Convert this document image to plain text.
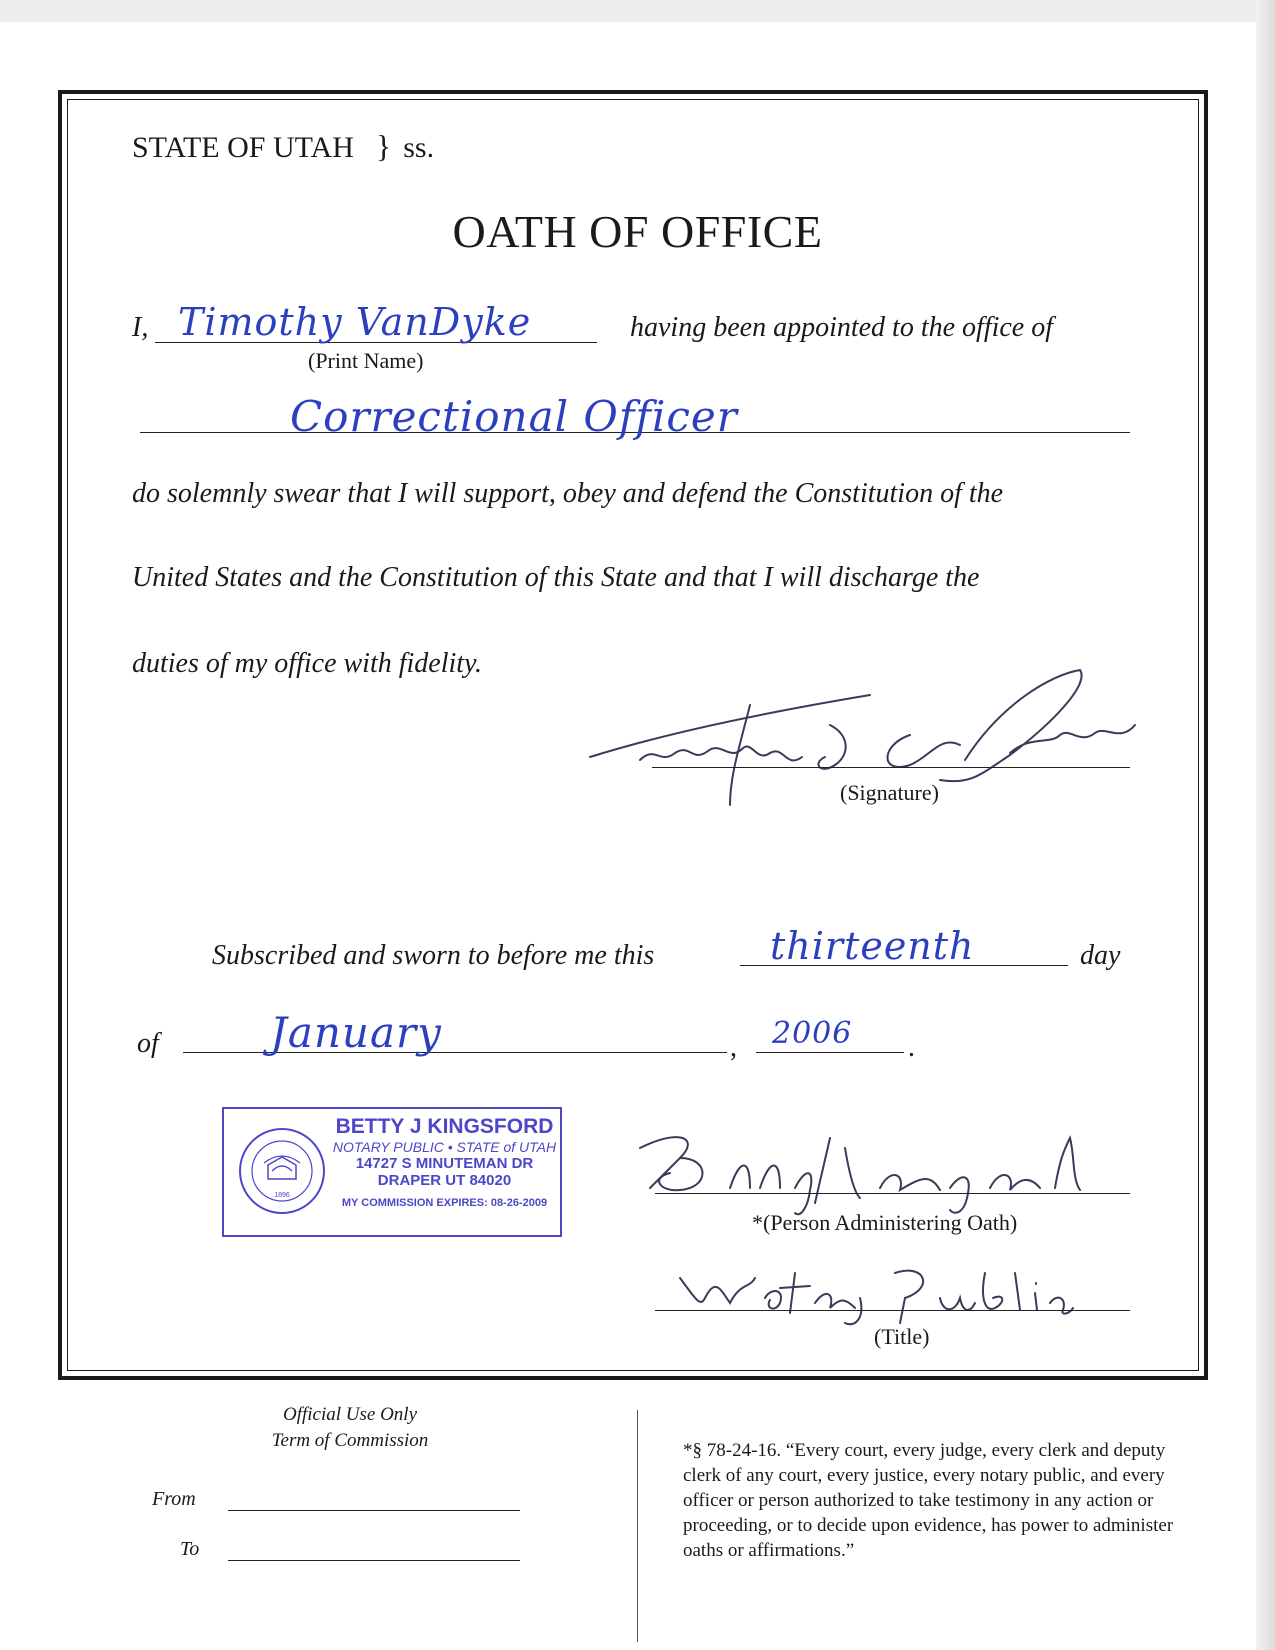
STATE OF UTAH } ss.
OATH OF OFFICE
I, Timothy VanDyke
(Print Name)
having been appointed to the office of
Correctional Officer
do solemnly swear that I will support, obey and defend the Constitution of the
United States and the Constitution of this State and that I will discharge the
duties of my office with fidelity.
(Signature)
Subscribed and sworn to before me this	thirteenth	day
of	January	, 2006 .
1896
BETTY J KINGSFORD
NOTARY PUBLIC • STATE of UTAH
14727 S MINUTEMAN DR
DRAPER UT 84020
MY COMMISSION EXPIRES: 08-26-2009
*(Person Administering Oath)
(Title)
Official Use Only
Term of Commission
From
To
*§ 78-24-16. “Every court, every judge, every clerk and deputy clerk of any court, every justice, every notary public, and every officer or person authorized to take testimony in any action or proceeding, or to decide upon evidence, has power to administer oaths or affirmations.”
